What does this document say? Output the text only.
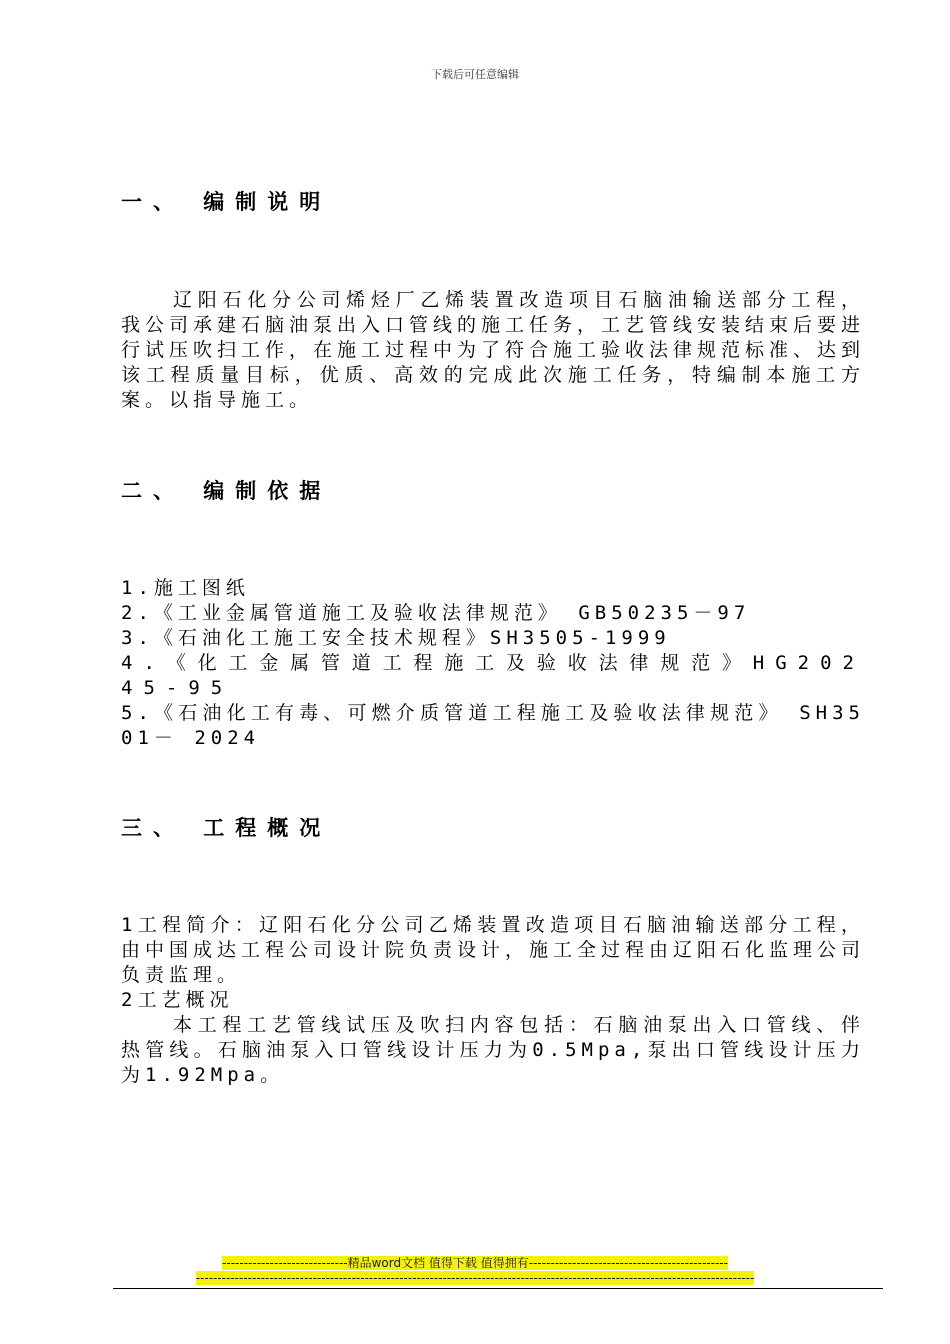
下载后可任意编辑
一、 编制说明

辽阳石化分公司烯烃厂乙烯装置改造项目石脑油输送部分工程，我公司承建石脑油泵出入口管线的施工任务，工艺管线安装结束后要进行试压吹扫工作，在施工过程中为了符合施工验收法律规范标准、达到该工程质量目标，优质、高效的完成此次施工任务，特编制本施工方案。以指导施工。

二、 编制依据
1.施工图纸
2.《工业金属管道施工及验收法律规范》 GB50235－97
3.《石油化工施工安全技术规程》SH3505-1999
4.《化工金属管道工程施工及验收法律规范》HG20245-95
5.《石油化工有毒、可燃介质管道工程施工及验收法律规范》 SH3501－ 2024
三、 工程概况
1工程简介：辽阳石化分公司乙烯装置改造项目石脑油输送部分工程，由中国成达工程公司设计院负责设计，施工全过程由辽阳石化监理公司负责监理。
2工艺概况
本工程工艺管线试压及吹扫内容包括：石脑油泵出入口管线、伴热管线。石脑油泵入口管线设计压力为0.5Mpa,泵出口管线设计压力为1.92Mpa。
-----------------------------精品word文档 值得下载 值得拥有----------------------------------------------
---------------------------------------------------------------------------------------------------------------------------------
